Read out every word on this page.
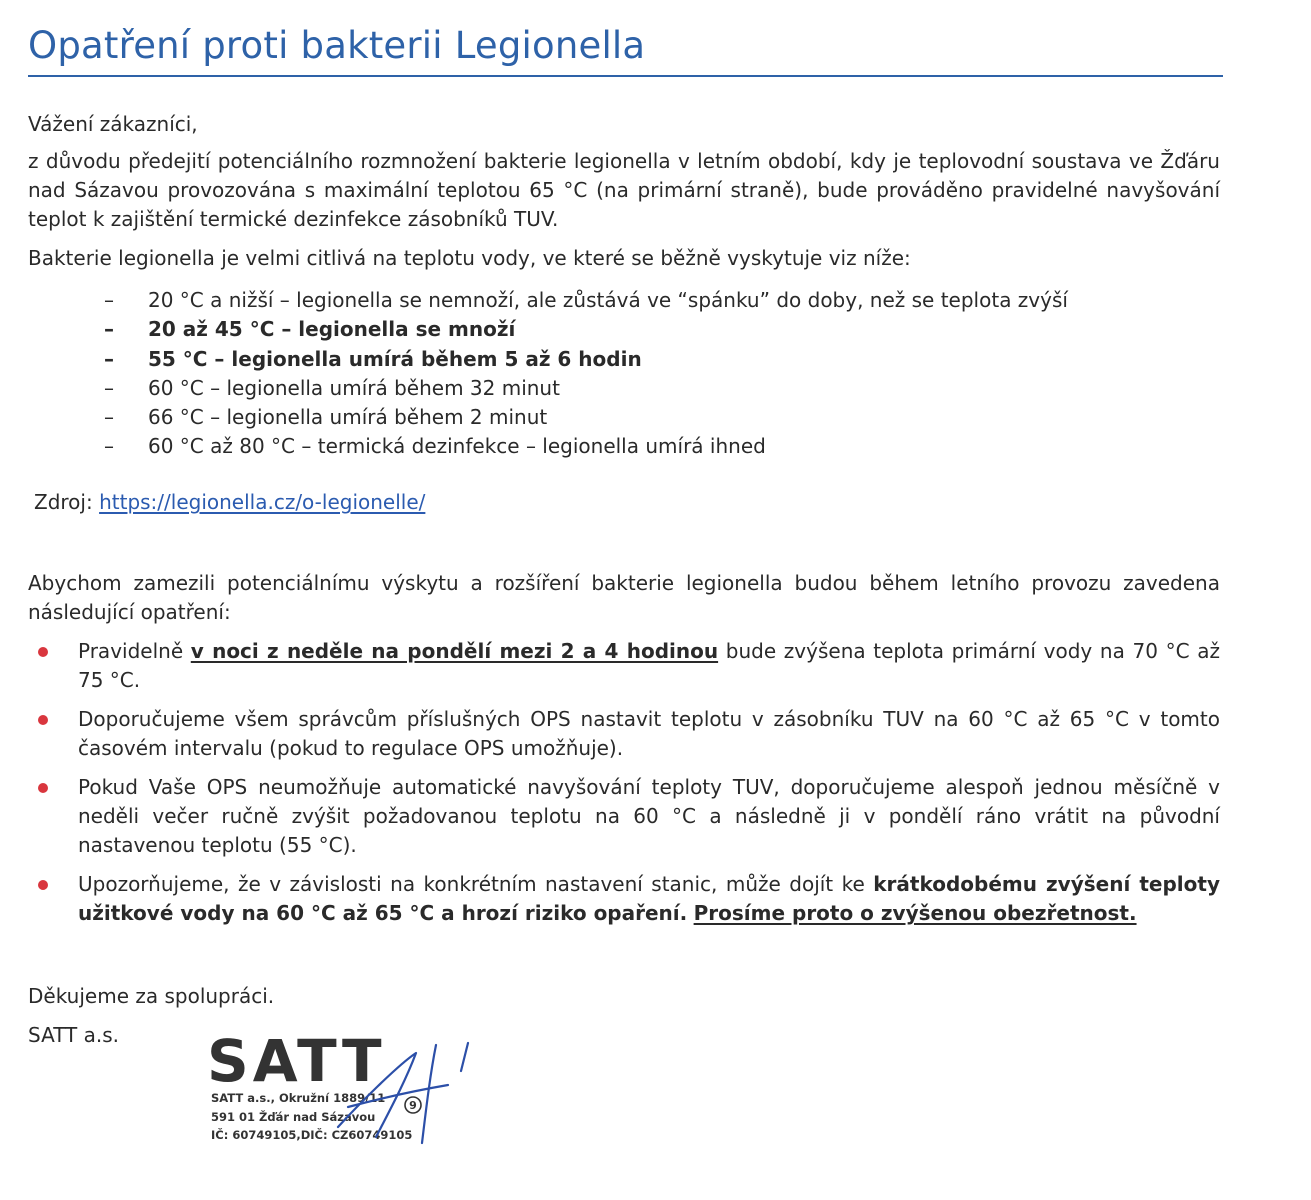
Opatření proti bakterii Legionella

Vážení zákazníci,

z důvodu předejití potenciálního rozmnožení bakterie legionella v letním období, kdy je teplovodní soustava ve Žďáru nad Sázavou provozována s maximální teplotou 65 °C (na primární straně), bude prováděno pravidelné navyšování teplot k zajištění termické dezinfekce zásobníků TUV.

Bakterie legionella je velmi citlivá na teplotu vody, ve které se běžně vyskytuje viz níže:

– 20 °C a nižší – legionella se nemnoží, ale zůstává ve “spánku” do doby, než se teplota zvýší
– 20 až 45 °C – legionella se množí
– 55 °C – legionella umírá během 5 až 6 hodin
– 60 °C – legionella umírá během 32 minut
– 66 °C – legionella umírá během 2 minut
– 60 °C až 80 °C – termická dezinfekce – legionella umírá ihned
Zdroj: https://legionella.cz/o-legionelle/

Abychom zamezili potenciálnímu výskytu a rozšíření bakterie legionella budou během letního provozu zavedena následující opatření:

Pravidelně v noci z neděle na pondělí mezi 2 a 4 hodinou bude zvýšena teplota primární vody na 70 °C až 75 °C.
Doporučujeme všem správcům příslušných OPS nastavit teplotu v zásobníku TUV na 60 °C až 65 °C v tomto časovém intervalu (pokud to regulace OPS umožňuje).
Pokud Vaše OPS neumožňuje automatické navyšování teploty TUV, doporučujeme alespoň jednou měsíčně v neděli večer ručně zvýšit požadovanou teplotu na 60 °C a následně ji v pondělí ráno vrátit na původní nastavenou teplotu (55 °C).
Upozorňujeme, že v závislosti na konkrétním nastavení stanic, může dojít ke krátkodobému zvýšení teploty užitkové vody na 60 °C až 65 °C a hrozí riziko opaření. Prosíme proto o zvýšenou obezřetnost.

Děkujeme za spolupráci.

SATT a.s.	SATT
SATT a.s., Okružní 1889/11
591 01 Žďár nad Sázavou
IČ: 60749105,DIČ: CZ60749105
9
